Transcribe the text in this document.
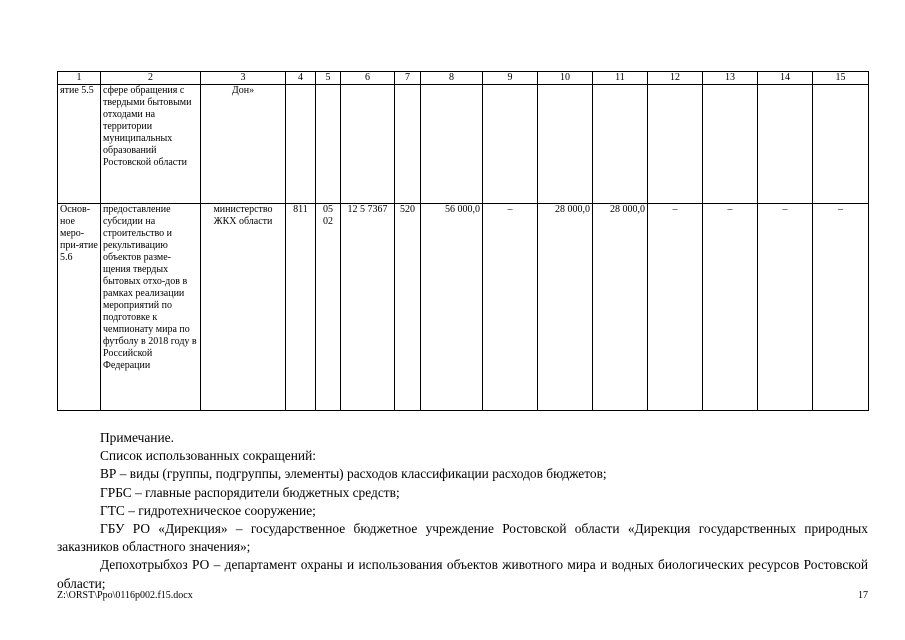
1	2	3	4	5	6	7	8	9	10	11	12	13	14	15
ятие 5.5	сфере обращения с твердыми бытовыми отходами на территории муниципальных образований Ростовской области	Дон»												
Основ-ное меро-при-ятие 5.6	предоставление субсидии на строительство и рекультивацию объектов разме-щения твердых бытовых отхо-дов в рамках реализации мероприятий по подготовке к чемпионату мира по футболу в 2018 году в Российской Федерации	министерство ЖКХ области	811	05 02	12 5 7367	520	56 000,0	–	28 000,0	28 000,0	–	–	–	–

Примечание.

Список использованных сокращений:

ВР – виды (группы, подгруппы, элементы) расходов классификации расходов бюджетов;

ГРБС – главные распорядители бюджетных средств;

ГТС – гидротехническое сооружение;

ГБУ РО «Дирекция» – государственное бюджетное учреждение Ростовской области «Дирекция государственных природных заказников областного значения»;

Депохотрыбхоз РО – департамент охраны и использования объектов животного мира и водных биологических ресурсов Ростовской области;

Z:\ORST\Ppo\0116p002.f15.docx	17
